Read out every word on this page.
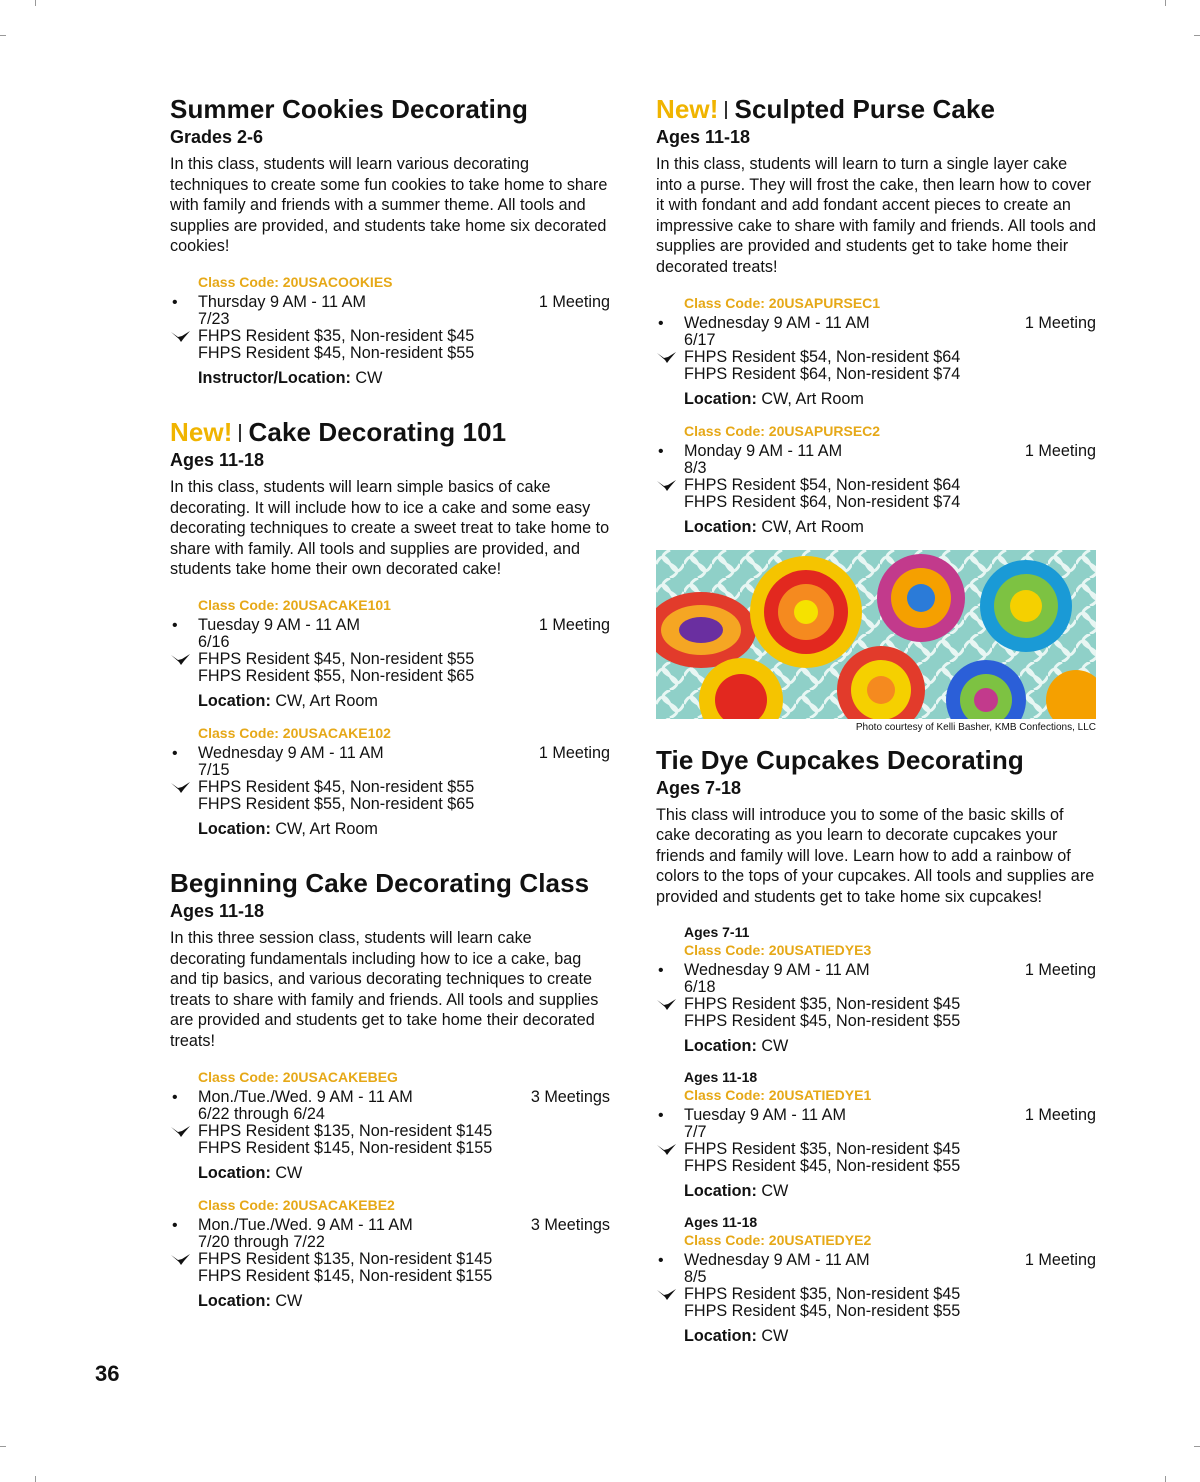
Summer Cookies Decorating
Grades 2-6

In this class, students will learn various decorating techniques to create some fun cookies to take home to share with family and friends with a summer theme. All tools and supplies are provided, and students take home six decorated cookies!

Class Code: 20USACOOKIES
• Thursday 9 AM - 11 AM	1 Meeting
7/23
FHPS Resident $35, Non-resident $45
FHPS Resident $45, Non-resident $55
Instructor/Location: CW
New! Cake Decorating 101
Ages 11-18

In this class, students will learn simple basics of cake decorating. It will include how to ice a cake and some easy decorating techniques to create a sweet treat to take home to share with family. All tools and supplies are provided, and students take home their own decorated cake!

Class Code: 20USACAKE101
• Tuesday 9 AM - 11 AM	1 Meeting
6/16
FHPS Resident $45, Non-resident $55
FHPS Resident $55, Non-resident $65
Location: CW, Art Room
Class Code: 20USACAKE102
• Wednesday 9 AM - 11 AM	1 Meeting
7/15
FHPS Resident $45, Non-resident $55
FHPS Resident $55, Non-resident $65
Location: CW, Art Room
Beginning Cake Decorating Class
Ages 11-18

In this three session class, students will learn cake decorating fundamentals including how to ice a cake, bag and tip basics, and various decorating techniques to create treats to share with family and friends. All tools and supplies are provided and students get to take home their decorated treats!

Class Code: 20USACAKEBEG
• Mon./Tue./Wed. 9 AM - 11 AM	3 Meetings
6/22 through 6/24
FHPS Resident $135, Non-resident $145
FHPS Resident $145, Non-resident $155
Location: CW
Class Code: 20USACAKEBE2
• Mon./Tue./Wed. 9 AM - 11 AM	3 Meetings
7/20 through 7/22
FHPS Resident $135, Non-resident $145
FHPS Resident $145, Non-resident $155
Location: CW
New! Sculpted Purse Cake
Ages 11-18

In this class, students will learn to turn a single layer cake into a purse. They will frost the cake, then learn how to cover it with fondant and add fondant accent pieces to create an impressive cake to share with family and friends. All tools and supplies are provided and students get to take home their decorated treats!

Class Code: 20USAPURSEC1
• Wednesday 9 AM - 11 AM	1 Meeting
6/17
FHPS Resident $54, Non-resident $64
FHPS Resident $64, Non-resident $74
Location: CW, Art Room
Class Code: 20USAPURSEC2
• Monday 9 AM - 11 AM	1 Meeting
8/3
FHPS Resident $54, Non-resident $64
FHPS Resident $64, Non-resident $74
Location: CW, Art Room
Photo courtesy of Kelli Basher, KMB Confections, LLC
Tie Dye Cupcakes Decorating
Ages 7-18

This class will introduce you to some of the basic skills of cake decorating as you learn to decorate cupcakes your friends and family will love. Learn how to add a rainbow of colors to the tops of your cupcakes. All tools and supplies are provided and students get to take home six cupcakes!

Ages 7-11
Class Code: 20USATIEDYE3
• Wednesday 9 AM - 11 AM	1 Meeting
6/18
FHPS Resident $35, Non-resident $45
FHPS Resident $45, Non-resident $55
Location: CW
Ages 11-18
Class Code: 20USATIEDYE1
• Tuesday 9 AM - 11 AM	1 Meeting
7/7
FHPS Resident $35, Non-resident $45
FHPS Resident $45, Non-resident $55
Location: CW
Ages 11-18
Class Code: 20USATIEDYE2
• Wednesday 9 AM - 11 AM	1 Meeting
8/5
FHPS Resident $35, Non-resident $45
FHPS Resident $45, Non-resident $55
Location: CW
36
